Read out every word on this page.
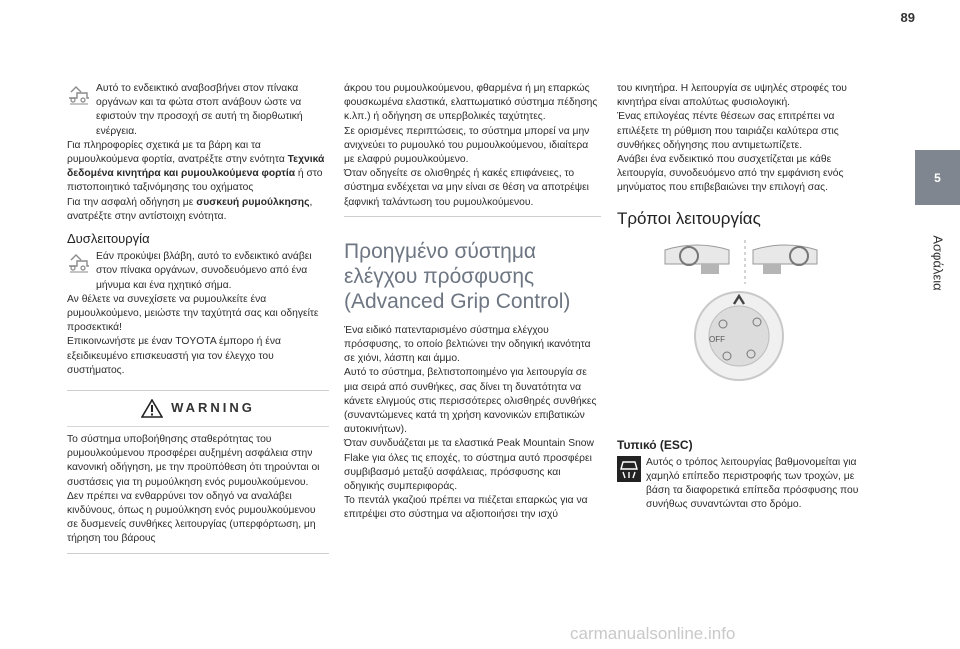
89
5
Ασφάλεια

Αυτό το ενδεικτικό αναβοσβήνει στον πίνακα οργάνων και τα φώτα στοπ ανάβουν ώστε να εφιστούν την προσοχή σε αυτή τη διορθωτική ενέργεια.

Για πληροφορίες σχετικά με τα βάρη και τα ρυμουλκούμενα φορτία, ανατρέξτε στην ενότητα Τεχνικά δεδομένα κινητήρα και ρυμουλκούμενα φορτία ή στο πιστοποιητικό ταξινόμησης του οχήματος

Για την ασφαλή οδήγηση με συσκευή ρυμούλκησης, ανατρέξτε στην αντίστοιχη ενότητα.

Δυσλειτουργία

Εάν προκύψει βλάβη, αυτό το ενδεικτικό ανάβει στον πίνακα οργάνων, συνοδευόμενο από ένα μήνυμα και ένα ηχητικό σήμα.

Αν θέλετε να συνεχίσετε να ρυμουλκείτε ένα ρυμουλκούμενο, μειώστε την ταχύτητά σας και οδηγείτε προσεκτικά!

Επικοινωνήστε με έναν TOYOTA έμπορο ή ένα εξειδικευμένο επισκευαστή για τον έλεγχο του συστήματος.

WARNING

Το σύστημα υποβοήθησης σταθερότητας του ρυμουλκούμενου προσφέρει αυξημένη ασφάλεια στην κανονική οδήγηση, με την προϋπόθεση ότι τηρούνται οι συστάσεις για τη ρυμούλκηση ενός ρυμουλκούμενου. Δεν πρέπει να ενθαρρύνει τον οδηγό να αναλάβει κινδύνους, όπως η ρυμούλκηση ενός ρυμουλκούμενου σε δυσμενείς συνθήκες λειτουργίας (υπερφόρτωση, μη τήρηση του βάρους

άκρου του ρυμουλκούμενου, φθαρμένα ή μη επαρκώς φουσκωμένα ελαστικά, ελαττωματικό σύστημα πέδησης κ.λπ.) ή οδήγηση σε υπερβολικές ταχύτητες.

Σε ορισμένες περιπτώσεις, το σύστημα μπορεί να μην ανιχνεύει το ρυμουλκό του ρυμουλκούμενου, ιδιαίτερα με ελαφρύ ρυμουλκούμενο.

Όταν οδηγείτε σε ολισθηρές ή κακές επιφάνειες, το σύστημα ενδέχεται να μην είναι σε θέση να αποτρέψει ξαφνική ταλάντωση του ρυμουλκούμενου.

Προηγμένο σύστημα ελέγχου πρόσφυσης (Advanced Grip Control)

Ένα ειδικό πατενταρισμένο σύστημα ελέγχου πρόσφυσης, το οποίο βελτιώνει την οδηγική ικανότητα σε χιόνι, λάσπη και άμμο.

Αυτό το σύστημα, βελτιστοποιημένο για λειτουργία σε μια σειρά από συνθήκες, σας δίνει τη δυνατότητα να κάνετε ελιγμούς στις περισσότερες ολισθηρές συνθήκες (συναντώμενες κατά τη χρήση κανονικών επιβατικών αυτοκινήτων).

Όταν συνδυάζεται με τα ελαστικά Peak Mountain Snow Flake για όλες τις εποχές, το σύστημα αυτό προσφέρει συμβιβασμό μεταξύ ασφάλειας, πρόσφυσης και οδηγικής συμπεριφοράς.

Το πεντάλ γκαζιού πρέπει να πιέζεται επαρκώς για να επιτρέψει στο σύστημα να αξιοποιήσει την ισχύ

του κινητήρα. Η λειτουργία σε υψηλές στροφές του κινητήρα είναι απολύτως φυσιολογική.

Ένας επιλογέας πέντε θέσεων σας επιτρέπει να επιλέξετε τη ρύθμιση που ταιριάζει καλύτερα στις συνθήκες οδήγησης που αντιμετωπίζετε.

Ανάβει ένα ενδεικτικό που συσχετίζεται με κάθε λειτουργία, συνοδευόμενο από την εμφάνιση ενός μηνύματος που επιβεβαιώνει την επιλογή σας.

Τρόποι λειτουργίας
OFF
Τυπικό (ESC)

Αυτός ο τρόπος λειτουργίας βαθμονομείται για χαμηλό επίπεδο περιστροφής των τροχών, με βάση τα διαφορετικά επίπεδα πρόσφυσης που συνήθως συναντώνται στο δρόμο.

carmanualsonline.info
